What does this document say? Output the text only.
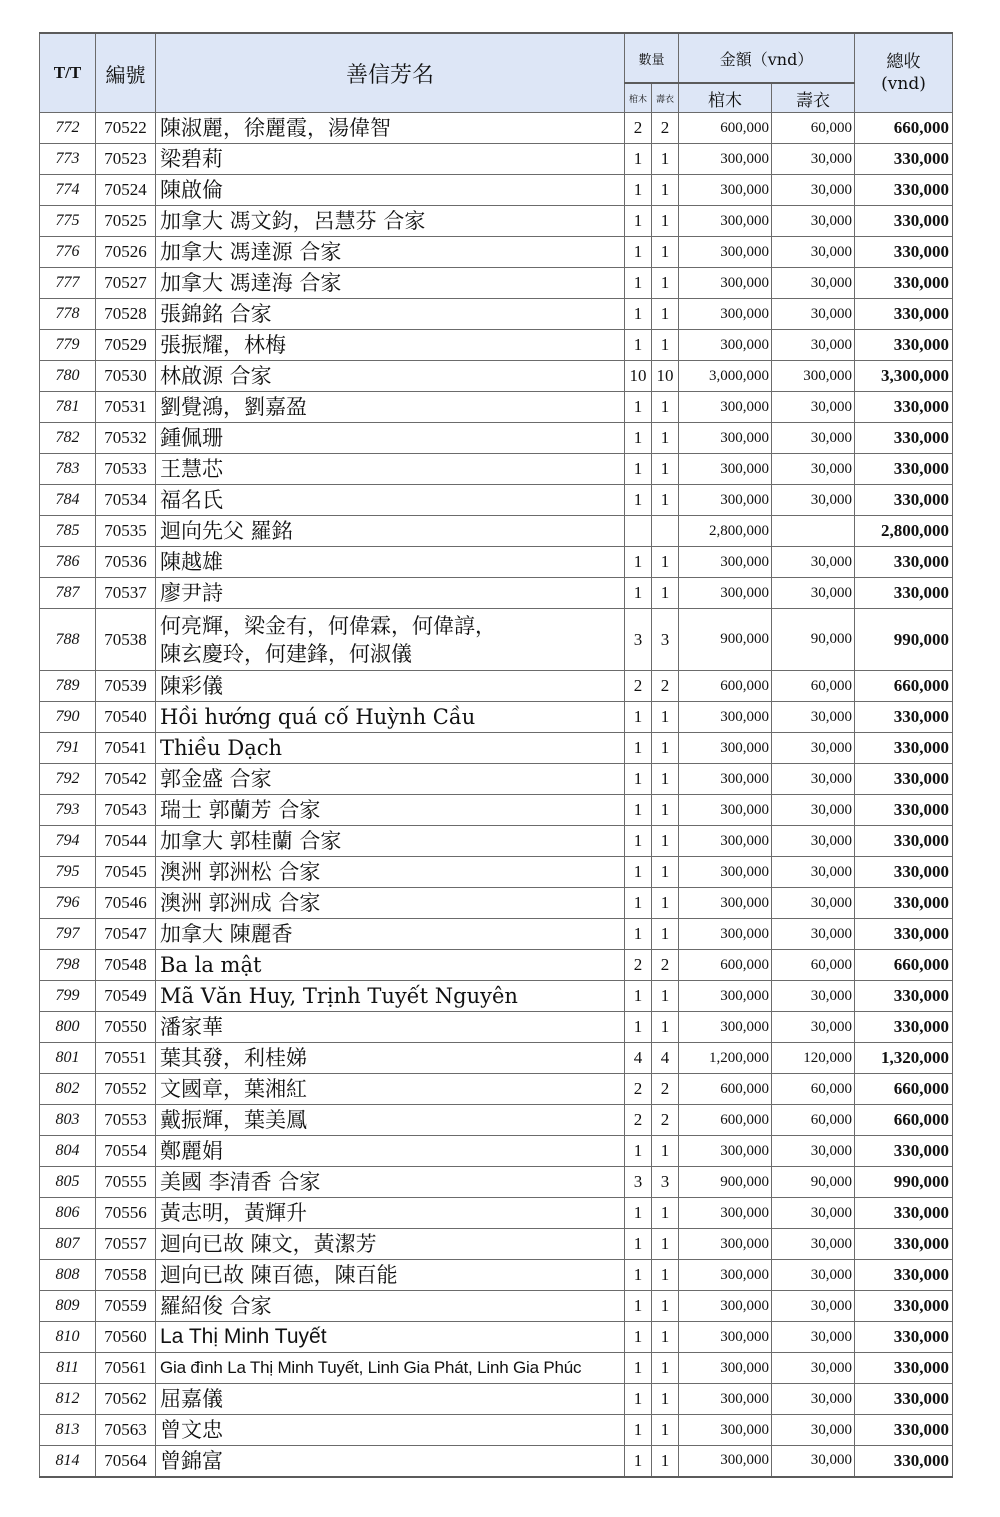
T/T	編號	善信芳名	數量		金額（vnd）		總收
(vnd)

			棺木	壽衣	棺木	壽衣	
772	70522	陳淑麗，徐麗霞，湯偉智	2	2	600,000	60,000	660,000
773	70523	梁碧莉	1	1	300,000	30,000	330,000
774	70524	陳啟倫	1	1	300,000	30,000	330,000
775	70525	加拿大 馮文鈞，呂慧芬 合家	1	1	300,000	30,000	330,000
776	70526	加拿大 馮達源 合家	1	1	300,000	30,000	330,000
777	70527	加拿大 馮達海 合家	1	1	300,000	30,000	330,000
778	70528	張錦銘 合家	1	1	300,000	30,000	330,000
779	70529	張振耀，林梅	1	1	300,000	30,000	330,000
780	70530	林啟源 合家	10	10	3,000,000	300,000	3,300,000
781	70531	劉覺鴻，劉嘉盈	1	1	300,000	30,000	330,000
782	70532	鍾佩珊	1	1	300,000	30,000	330,000
783	70533	王慧芯	1	1	300,000	30,000	330,000
784	70534	福名氏	1	1	300,000	30,000	330,000
785	70535	迴向先父 羅銘			2,800,000		2,800,000
786	70536	陳越雄	1	1	300,000	30,000	330,000
787	70537	廖尹詩	1	1	300,000	30,000	330,000
788	70538	何亮輝，梁金有，何偉霖，何偉諄，
陳玄慶玲，何建鋒，何淑儀	3	3	900,000	90,000	990,000
789	70539	陳彩儀	2	2	600,000	60,000	660,000
790	70540	Hồi hướng quá cố Huỳnh Cầu	1	1	300,000	30,000	330,000
791	70541	Thiều Dạch	1	1	300,000	30,000	330,000
792	70542	郭金盛 合家	1	1	300,000	30,000	330,000
793	70543	瑞士 郭蘭芳 合家	1	1	300,000	30,000	330,000
794	70544	加拿大 郭桂蘭 合家	1	1	300,000	30,000	330,000
795	70545	澳洲 郭洲松 合家	1	1	300,000	30,000	330,000
796	70546	澳洲 郭洲成 合家	1	1	300,000	30,000	330,000
797	70547	加拿大 陳麗香	1	1	300,000	30,000	330,000
798	70548	Ba la mật	2	2	600,000	60,000	660,000
799	70549	Mã Văn Huy, Trịnh Tuyết Nguyên	1	1	300,000	30,000	330,000
800	70550	潘家華	1	1	300,000	30,000	330,000
801	70551	葉其發，利桂娣	4	4	1,200,000	120,000	1,320,000
802	70552	文國章，葉湘紅	2	2	600,000	60,000	660,000
803	70553	戴振輝，葉美鳳	2	2	600,000	60,000	660,000
804	70554	鄭麗娟	1	1	300,000	30,000	330,000
805	70555	美國 李清香 合家	3	3	900,000	90,000	990,000
806	70556	黃志明，黃輝升	1	1	300,000	30,000	330,000
807	70557	迴向已故 陳文，黃潔芳	1	1	300,000	30,000	330,000
808	70558	迴向已故 陳百德，陳百能	1	1	300,000	30,000	330,000
809	70559	羅紹俊 合家	1	1	300,000	30,000	330,000
810	70560	La Thị Minh Tuyết	1	1	300,000	30,000	330,000
811	70561	Gia đình La Thị Minh Tuyết, Linh Gia Phát, Linh Gia Phúc	1	1	300,000	30,000	330,000
812	70562	屈嘉儀	1	1	300,000	30,000	330,000
813	70563	曾文忠	1	1	300,000	30,000	330,000
814	70564	曾錦富	1	1	300,000	30,000	330,000
